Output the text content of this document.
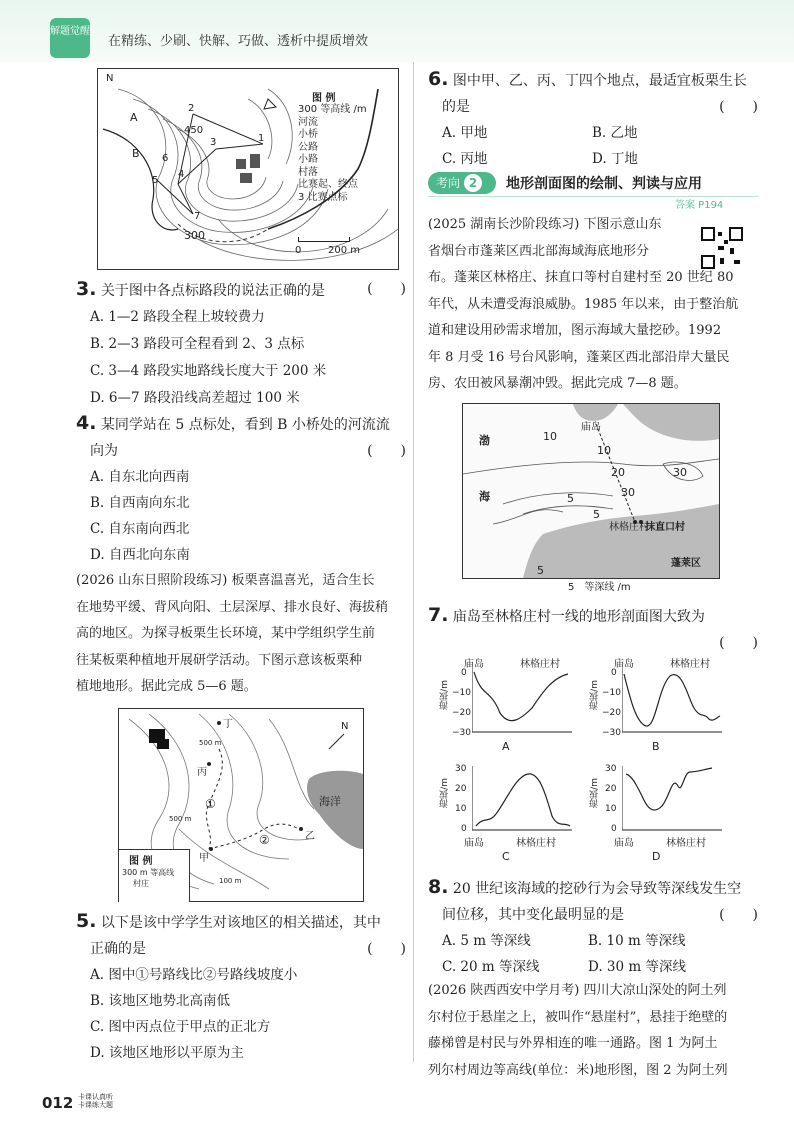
解题觉醒
在精练、少刷、快解、巧做、透析中提质增效
N
A
B
2
3	1
6
4
5
7
450
300
图 例
300 等高线 /m
河流
小桥
公路
小路
村落
比赛起、终点
3 比赛点标
0	200 m
3. 关于图中各点标路段的说法正确的是	(　　)
A. 1—2 路段全程上坡较费力
B. 2—3 路段可全程看到 2、3 点标
C. 3—4 路段实地路线长度大于 200 米
D. 6—7 路段沿线高差超过 100 米
4. 某同学站在 5 点标处，看到 B 小桥处的河流流
向为	(　　)
A. 自东北向西南
B. 自西南向东北
C. 自东南向西北
D. 自西北向东南
(2026 山东日照阶段练习) 板栗喜温喜光，适合生长
在地势平缓、背风向阳、土层深厚、排水良好、海拔稍
高的地区。为探寻板栗生长环境，某中学组织学生前
往某板栗种植地开展研学活动。下图示意该板栗种
植地地形。据此完成 5—6 题。
丁
丙
甲
乙
①
②
海洋
N
500 m
500 m
100 m
图 例
300 m 等高线
村庄
5. 以下是该中学学生对该地区的相关描述，其中
正确的是	(　　)
A. 图中①号路线比②号路线坡度小
B. 该地区地势北高南低
C. 图中丙点位于甲点的正北方
D. 该地区地形以平原为主
6. 图中甲、乙、丙、丁四个地点，最适宜板栗生长
的是	(　　)
A. 甲地	B. 乙地
C. 丙地	D. 丁地
考向 2	地形剖面图的绘制、判读与应用
答案 P194
(2025 湖南长沙阶段练习) 下图示意山东
省烟台市蓬莱区西北部海域海底地形分
布。蓬莱区林格庄、抹直口等村自建村至 20 世纪 80
年代，从未遭受海浪威胁。1985 年以来，由于整治航
道和建设用砂需求增加，图示海域大量挖砂。1992
年 8 月受 16 号台风影响，蓬莱区西北部沿岸大量民
房、农田被风暴潮冲毁。据此完成 7—8 题。
渤
海
庙岛
林格庄村
抹直口村
蓬莱区
10
10
20	30
30
5
5
5
5　等深线 /m
7. 庙岛至林格庄村一线的地形剖面图大致为
(　　)
庙岛	林格庄村
海拔/m
0
−10
−20
−30
A
庙岛	林格庄村
海拔/m
0
−10
−20
−30
B
海拔/m
30
20
10
0
庙岛	林格庄村
C
海拔/m
30
20
10
0
庙岛	林格庄村
D
8. 20 世纪该海域的挖砂行为会导致等深线发生空
间位移，其中变化最明显的是	(　　)
A. 5 m 等深线	B. 10 m 等深线
C. 20 m 等深线	D. 30 m 等深线
(2026 陕西西安中学月考) 四川大凉山深处的阿土列
尔村位于悬崖之上，被叫作“悬崖村”，悬挂于绝壁的
藤梯曾是村民与外界相连的唯一通路。图 1 为阿土
列尔村周边等高线(单位：米)地形图，图 2 为阿土列
012 卡课认真听
卡课练大题
